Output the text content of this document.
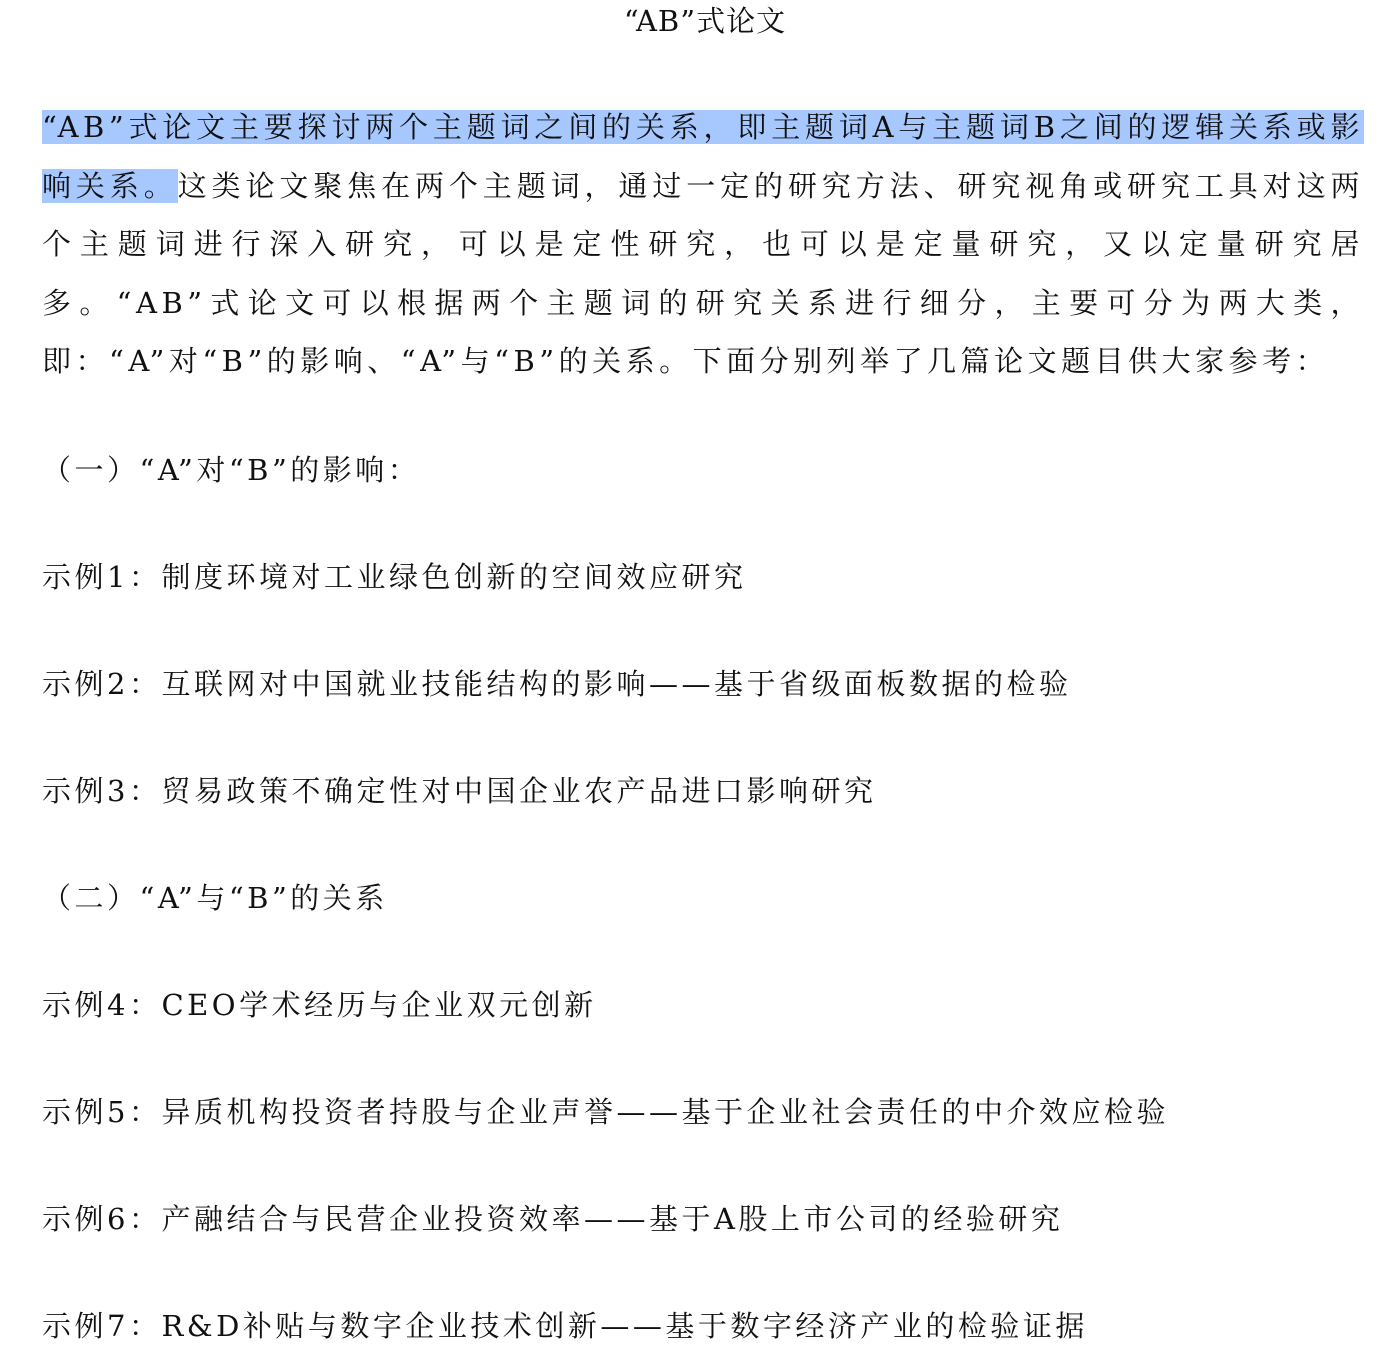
“AB”式论文

“AB”式论文主要探讨两个主题词之间的关系，即主题词A与主题词B之间的逻辑关系或影响关系。这类论文聚焦在两个主题词，通过一定的研究方法、研究视角或研究工具对这两个主题词进行深入研究，可以是定性研究，也可以是定量研究，又以定量研究居多。“AB”式论文可以根据两个主题词的研究关系进行细分，主要可分为两大类，即：“A”对“B”的影响、“A”与“B”的关系。下面分别列举了几篇论文题目供大家参考：

（一）“A”对“B”的影响：
示例1：制度环境对工业绿色创新的空间效应研究
示例2：互联网对中国就业技能结构的影响——基于省级面板数据的检验
示例3：贸易政策不确定性对中国企业农产品进口影响研究
（二）“A”与“B”的关系
示例4：CEO学术经历与企业双元创新
示例5：异质机构投资者持股与企业声誉——基于企业社会责任的中介效应检验
示例6：产融结合与民营企业投资效率——基于A股上市公司的经验研究
示例7：R&D补贴与数字企业技术创新——基于数字经济产业的检验证据
